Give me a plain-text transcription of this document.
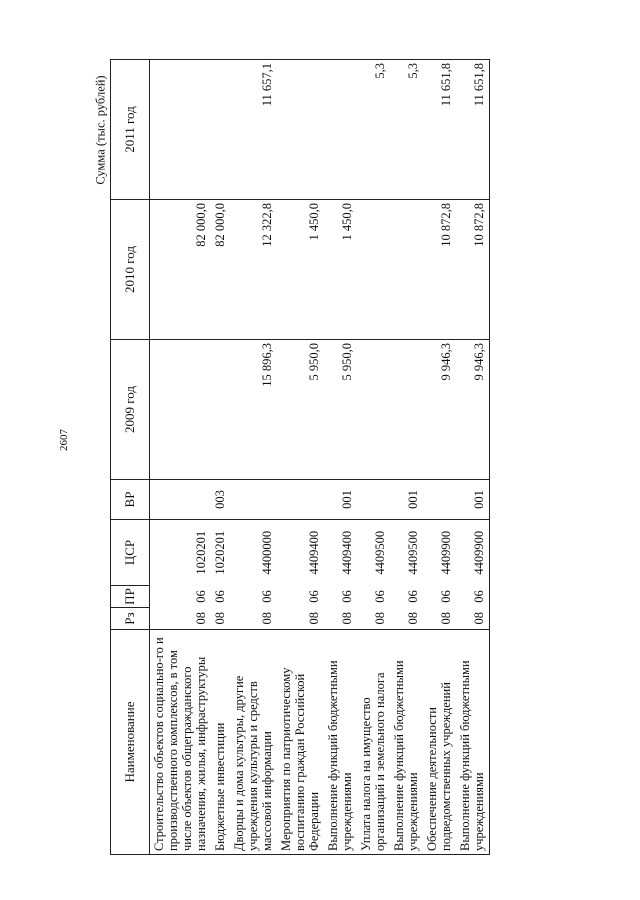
2607
Сумма (тыс. рублей)
Наименование	Рз	ПР	ЦСР	ВР	2009 год	2010 год	2011 год
Строительство объектов социально-го и производственного комплексов, в том числе объектов общегражданского назначения, жилья, инфраструктуры	08	06	1020201			82 000,0	
Бюджетные инвестиции	08	06	1020201	003		82 000,0	
Дворцы и дома культуры, другие учреждения культуры и средств массовой информации	08	06	4400000		15 896,3	12 322,8	11 657,1
Мероприятия по патриотическому воспитанию граждан Российской Федерации	08	06	4409400		5 950,0	1 450,0	
Выполнение функций бюджетными учреждениями	08	06	4409400	001	5 950,0	1 450,0	
Уплата налога на имущество организаций и земельного налога	08	06	4409500				5,3
Выполнение функций бюджетными учреждениями	08	06	4409500	001			5,3
Обеспечение деятельности подведомственных учреждений	08	06	4409900		9 946,3	10 872,8	11 651,8
Выполнение функций бюджетными учреждениями	08	06	4409900	001	9 946,3	10 872,8	11 651,8
